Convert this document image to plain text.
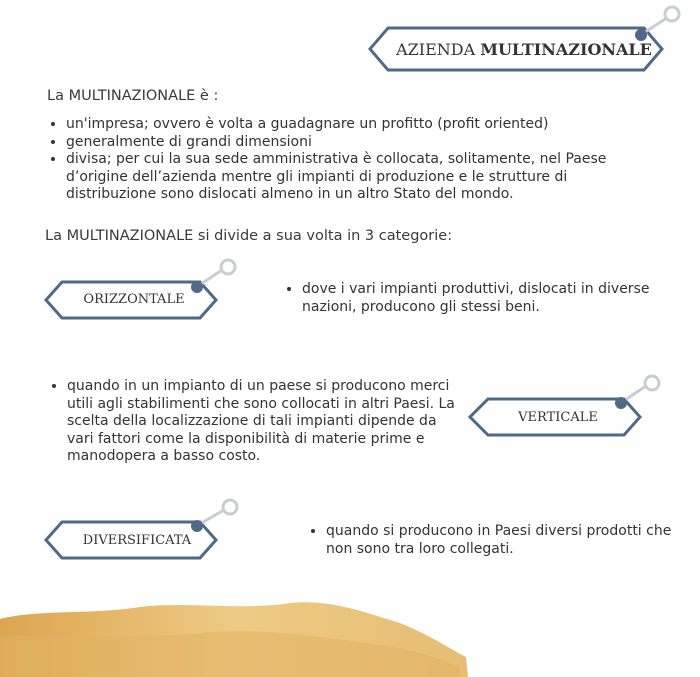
AZIENDA MULTINAZIONALE
La MULTINAZIONALE è :
• un'impresa; ovvero è volta a guadagnare un profitto (profit oriented)
• generalmente di grandi dimensioni
• divisa; per cui la sua sede amministrativa è collocata, solitamente, nel Paese d’origine dell’azienda mentre gli impianti di produzione e le strutture di distribuzione sono dislocati almeno in un altro Stato del mondo.
La MULTINAZIONALE si divide a sua volta in 3 categorie:
ORIZZONTALE
• dove i vari impianti produttivi, dislocati in diverse nazioni, producono gli stessi beni.
• quando in un impianto di un paese si producono merci utili agli stabilimenti che sono collocati in altri Paesi. La scelta della localizzazione di tali impianti dipende da vari fattori come la disponibilità di materie prime e manodopera a basso costo.
VERTICALE
DIVERSIFICATA
• quando si producono in Paesi diversi prodotti che non sono tra loro collegati.
